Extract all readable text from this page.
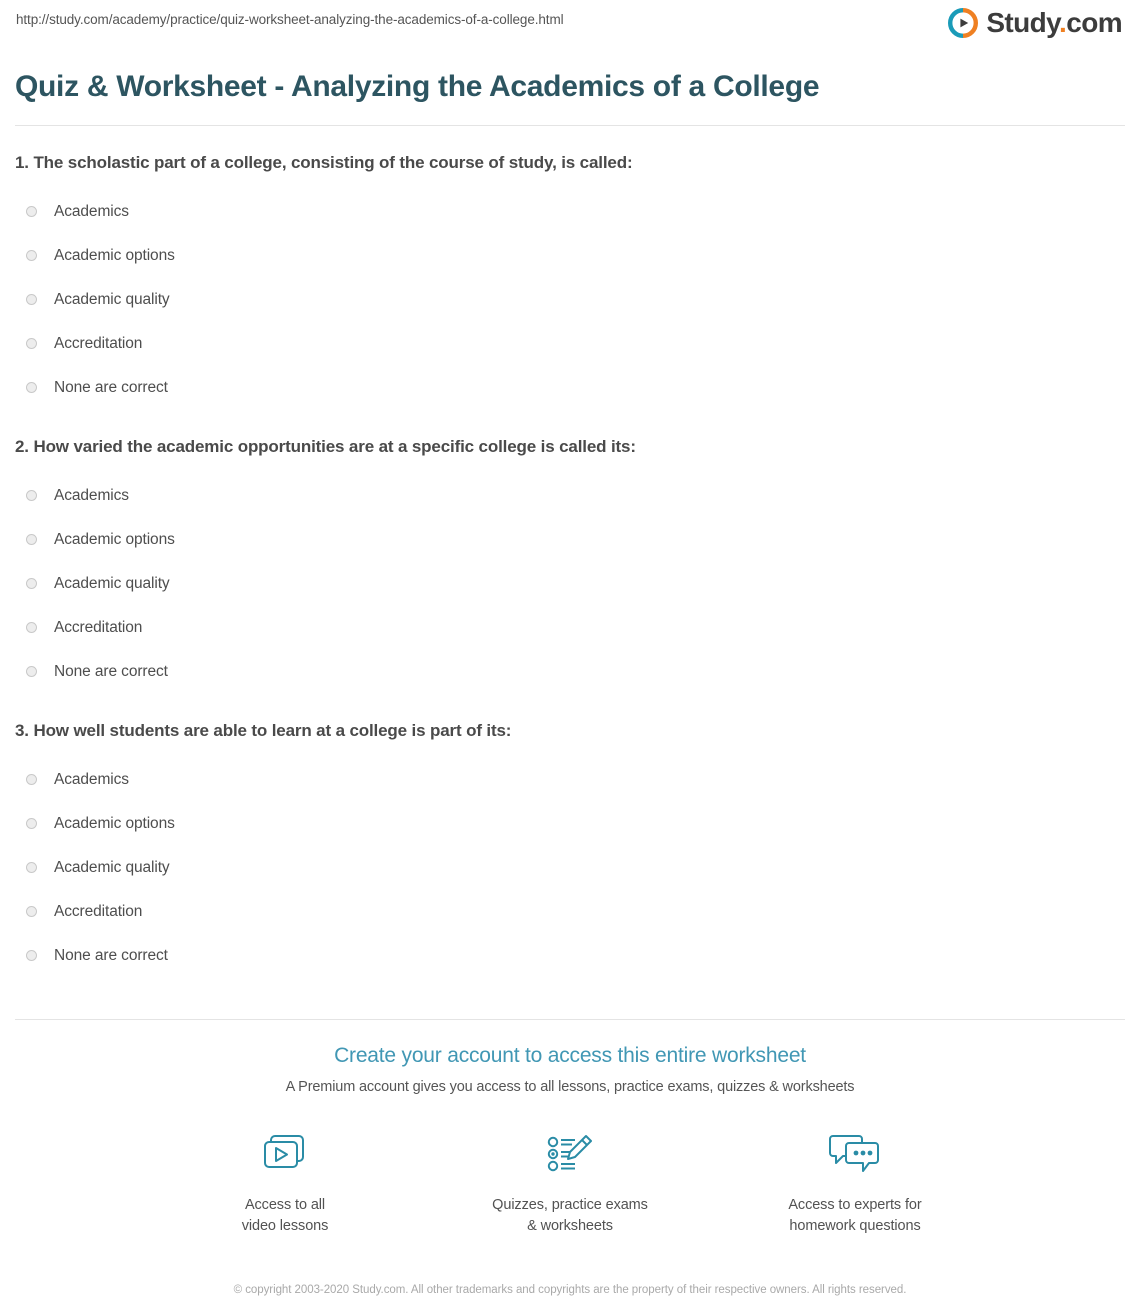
http://study.com/academy/practice/quiz-worksheet-analyzing-the-academics-of-a-college.html	Study.com
Quiz & Worksheet - Analyzing the Academics of a College

1. The scholastic part of a college, consisting of the course of study, is called:

Academics
Academic options
Academic quality
Accreditation
None are correct

2. How varied the academic opportunities are at a specific college is called its:

Academics
Academic options
Academic quality
Accreditation
None are correct

3. How well students are able to learn at a college is part of its:

Academics
Academic options
Academic quality
Accreditation
None are correct
Create your account to access this entire worksheet

A Premium account gives you access to all lessons, practice exams, quizzes & worksheets

Access to all
video lessons
Quizzes, practice exams
& worksheets
Access to experts for
homework questions
© copyright 2003-2020 Study.com. All other trademarks and copyrights are the property of their respective owners. All rights reserved.
